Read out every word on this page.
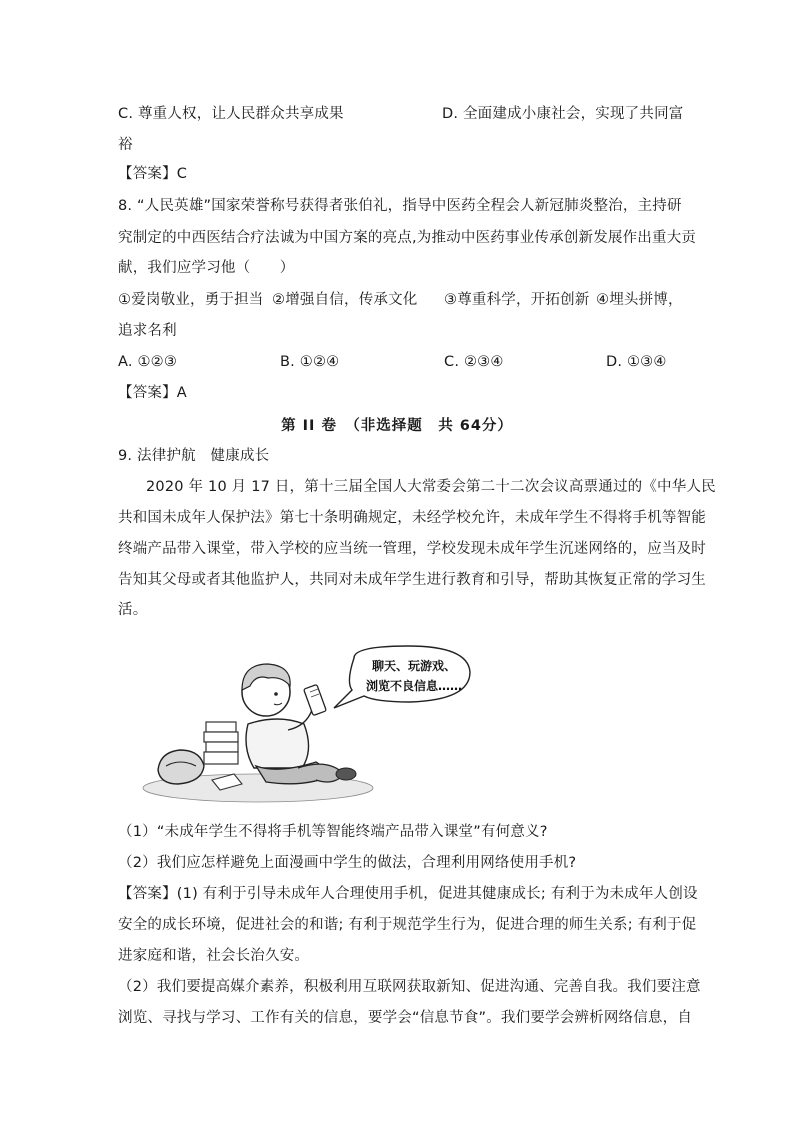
C. 尊重人权，让人民群众共享成果	D. 全面建成小康社会，实现了共同富
裕
【答案】C
8. “人民英雄”国家荣誉称号获得者张伯礼，指导中医药全程会人新冠肺炎整治，主持研
究制定的中西医结合疗法诚为中国方案的亮点,为推动中医药事业传承创新发展作出重大贡
献，我们应学习他（　　）
①爱岗敬业，勇于担当 ②增强自信，传承文化 ③尊重科学，开拓创新 ④埋头拼博，
追求名利
A. ①②③	B. ①②④	C. ②③④	D. ①③④
【答案】A
第 II 卷　（非选择题　共 64分）
9. 法律护航　健康成长
2020 年 10 月 17 日，第十三届全国人大常委会第二十二次会议高票通过的《中华人民
共和国未成年人保护法》第七十条明确规定，未经学校允许，未成年学生不得将手机等智能
终端产品带入课堂，带入学校的应当统一管理，学校发现未成年学生沉迷网络的，应当及时
告知其父母或者其他监护人，共同对未成年学生进行教育和引导，帮助其恢复正常的学习生
活。
聊天、玩游戏、
浏览不良信息……
（1）“未成年学生不得将手机等智能终端产品带入课堂”有何意义?
（2）我们应怎样避免上面漫画中学生的做法，合理利用网络使用手机?
【答案】(1) 有利于引导未成年人合理使用手机，促进其健康成长; 有利于为未成年人创设
安全的成长环境，促进社会的和谐; 有利于规范学生行为，促进合理的师生关系; 有利于促
进家庭和谐，社会长治久安。
（2）我们要提高媒介素养，积极利用互联网获取新知、促进沟通、完善自我。我们要注意
浏览、寻找与学习、工作有关的信息，要学会“信息节食”。我们要学会辨析网络信息，自
